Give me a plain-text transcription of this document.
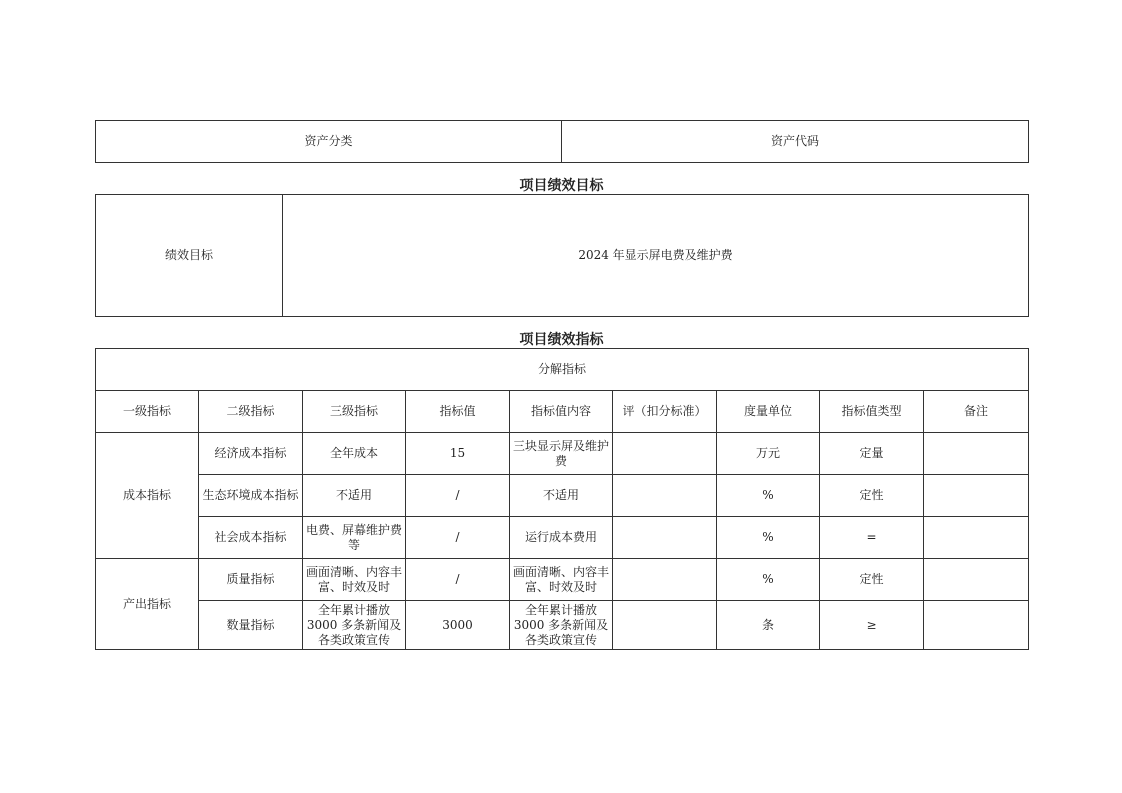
资产分类	资产代码
项目绩效目标
绩效目标	2024 年显示屏电费及维护费
项目绩效指标
分解指标								
一级指标	二级指标	三级指标	指标值	指标值内容	评（扣分标准）	度量单位	指标值类型	备注
成本指标	经济成本指标	全年成本	15	三块显示屏及维护费		万元	定量	
	生态环境成本指标	不适用	/	不适用		%	定性	
	社会成本指标	电费、屏幕维护费等	/	运行成本费用		%	=	
产出指标	质量指标	画面清晰、内容丰富、时效及时	/	画面清晰、内容丰富、时效及时		%	定性	
	数量指标	全年累计播放 3000 多条新闻及各类政策宣传	3000	全年累计播放 3000 多条新闻及各类政策宣传		条	≥	
